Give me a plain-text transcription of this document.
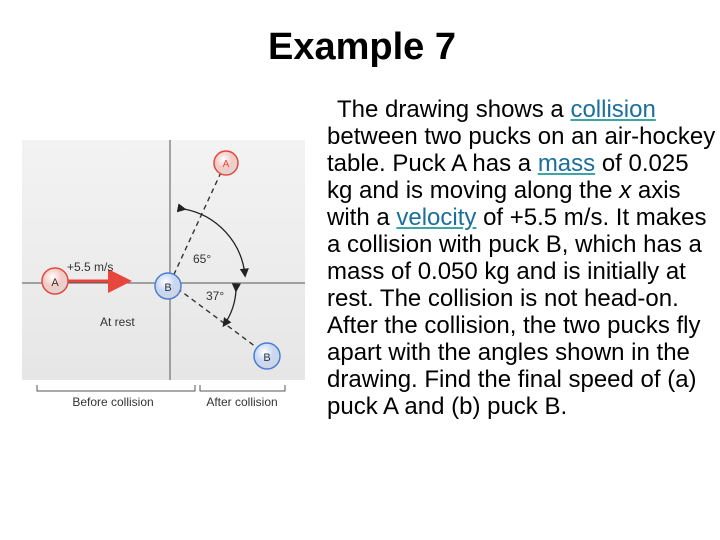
Example 7
The drawing shows a collision between two pucks on an air-hockey table. Puck A has a mass of 0.025 kg and is moving along the x axis with a velocity of +5.5 m/s. It makes a collision with puck B, which has a mass of 0.050 kg and is initially at rest. The collision is not head-on. After the collision, the two pucks fly apart with the angles shown in the drawing. Find the final speed of (a) puck A and (b) puck B.
A	B
A
B
+5.5 m/s
65°
37°
At rest
Before collision	After collision
